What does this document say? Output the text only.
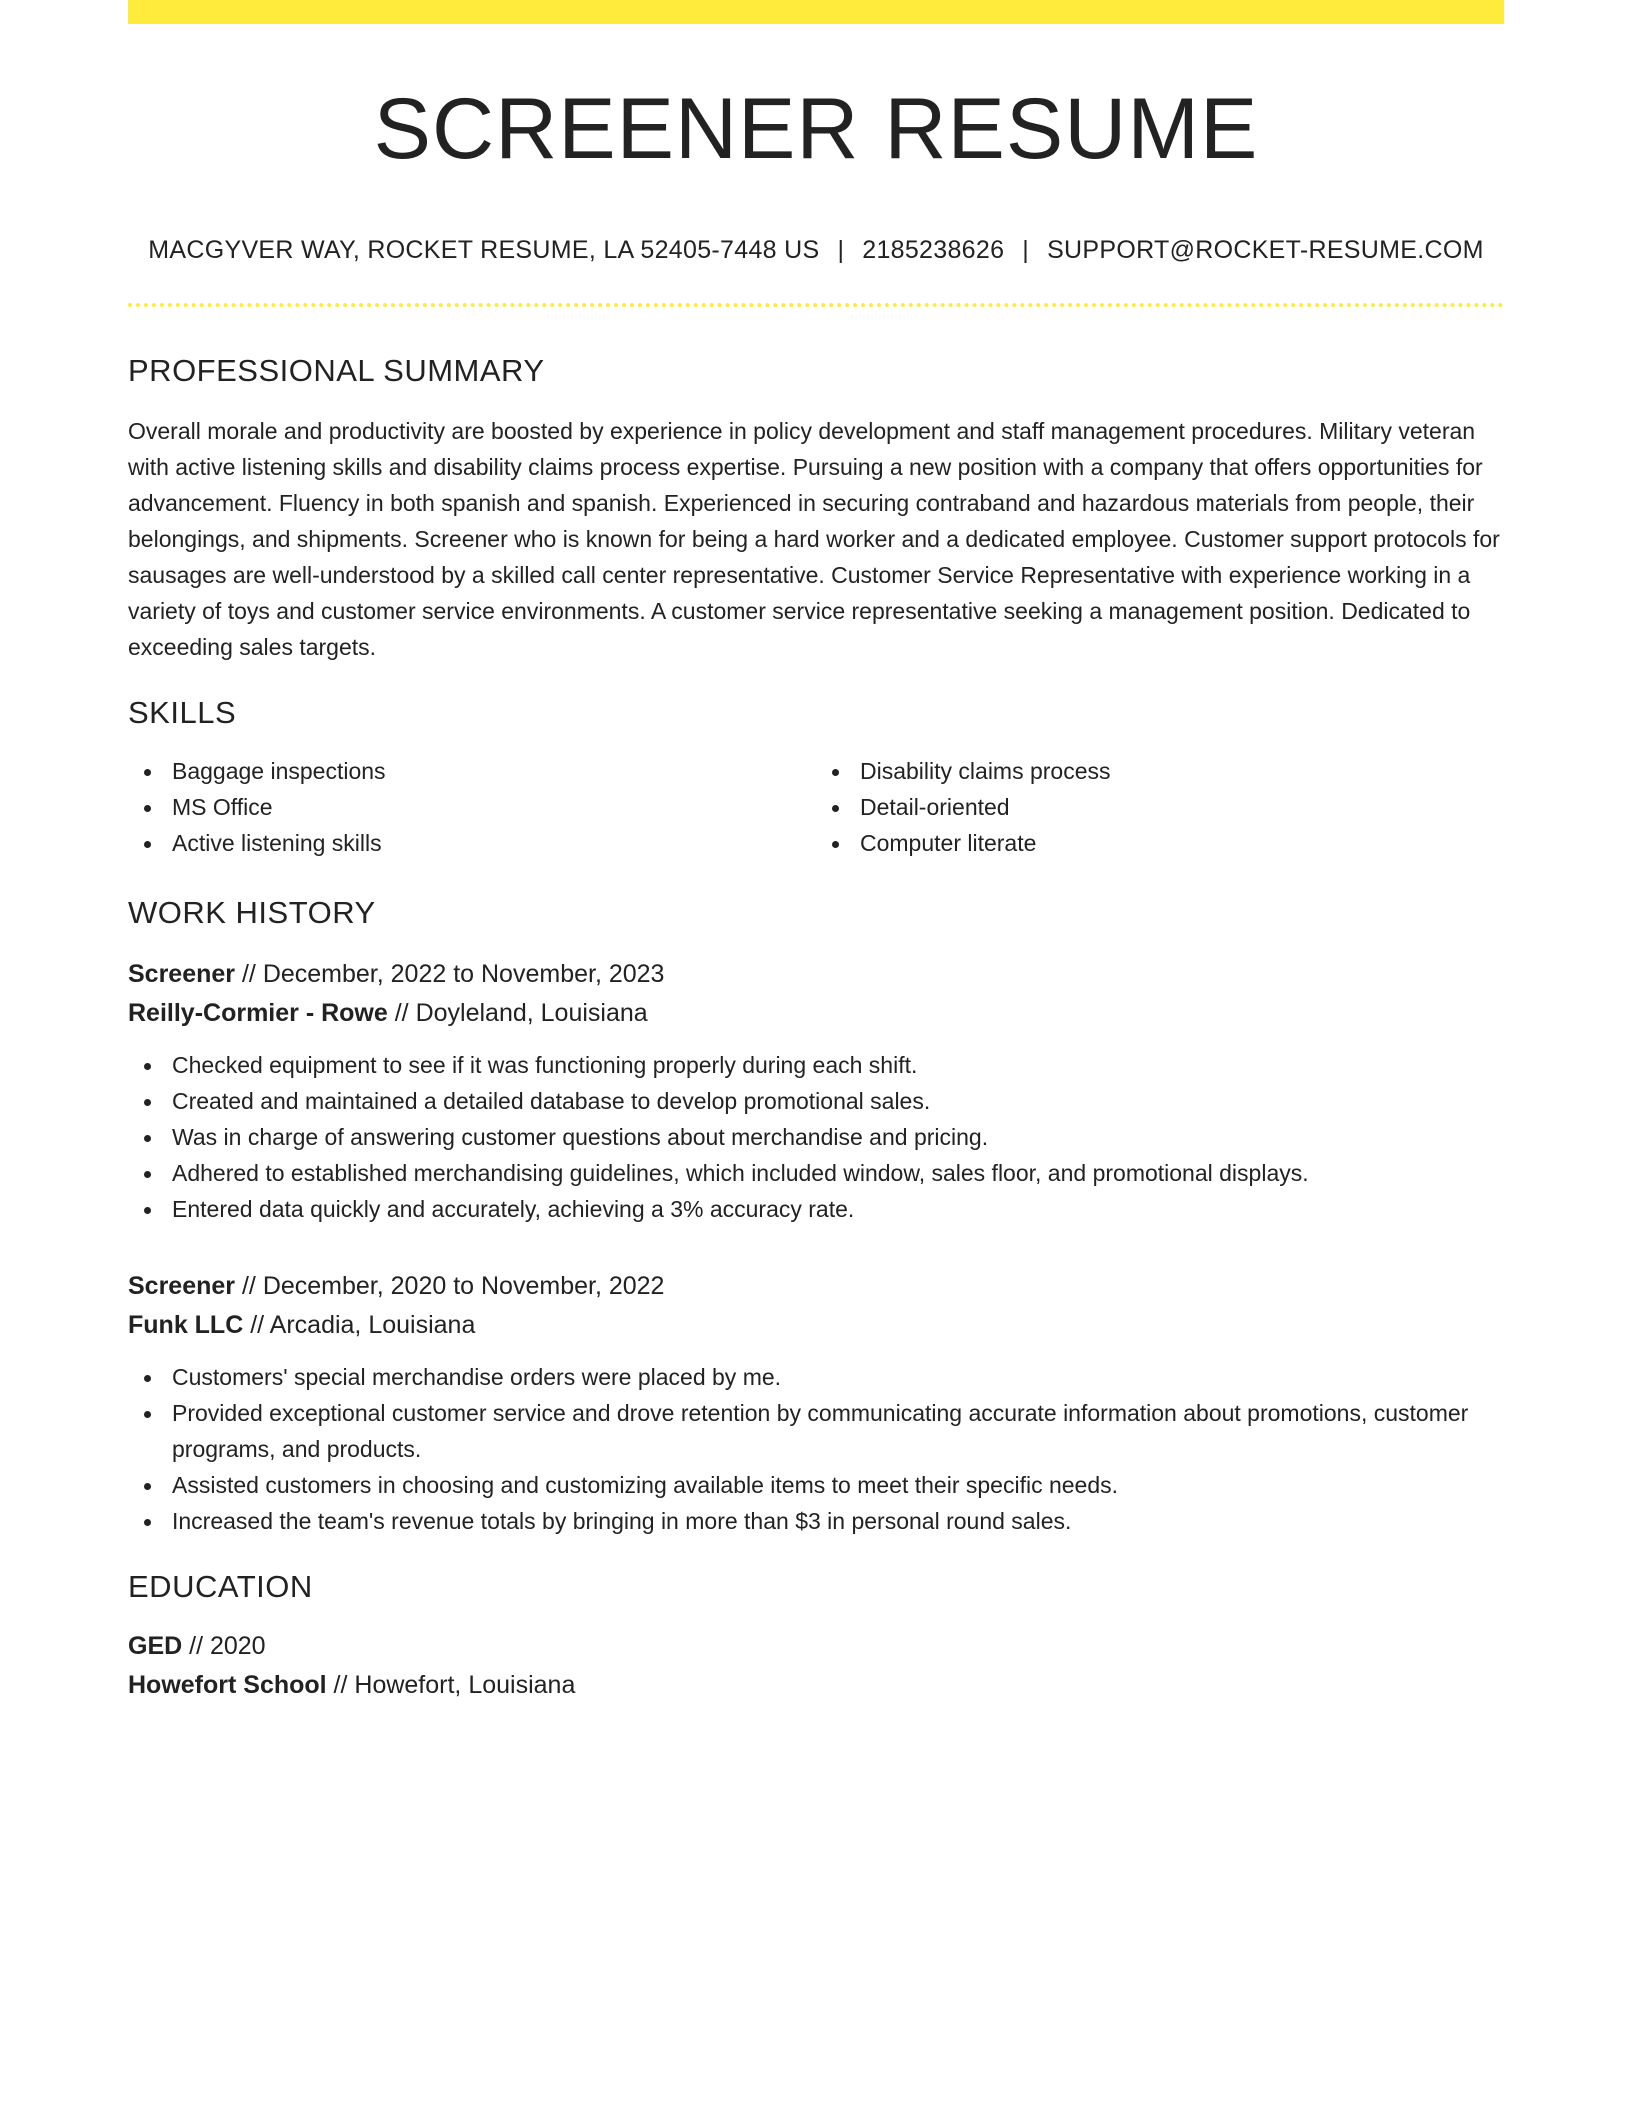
SCREENER RESUME
MACGYVER WAY, ROCKET RESUME, LA 52405-7448 US | 2185238626 | SUPPORT@ROCKET-RESUME.COM
PROFESSIONAL SUMMARY
Overall morale and productivity are boosted by experience in policy development and staff management procedures. Military veteran with active listening skills and disability claims process expertise. Pursuing a new position with a company that offers opportunities for advancement. Fluency in both spanish and spanish. Experienced in securing contraband and hazardous materials from people, their belongings, and shipments. Screener who is known for being a hard worker and a dedicated employee. Customer support protocols for sausages are well-understood by a skilled call center representative. Customer Service Representative with experience working in a variety of toys and customer service environments. A customer service representative seeking a management position. Dedicated to exceeding sales targets.
SKILLS
Baggage inspections
MS Office
Active listening skills
Disability claims process
Detail-oriented
Computer literate
WORK HISTORY
Screener // December, 2022 to November, 2023
Reilly-Cormier - Rowe // Doyleland, Louisiana
Checked equipment to see if it was functioning properly during each shift.
Created and maintained a detailed database to develop promotional sales.
Was in charge of answering customer questions about merchandise and pricing.
Adhered to established merchandising guidelines, which included window, sales floor, and promotional displays.
Entered data quickly and accurately, achieving a 3% accuracy rate.
Screener // December, 2020 to November, 2022
Funk LLC // Arcadia, Louisiana
Customers' special merchandise orders were placed by me.
Provided exceptional customer service and drove retention by communicating accurate information about promotions, customer programs, and products.
Assisted customers in choosing and customizing available items to meet their specific needs.
Increased the team's revenue totals by bringing in more than $3 in personal round sales.
EDUCATION
GED // 2020
Howefort School // Howefort, Louisiana
